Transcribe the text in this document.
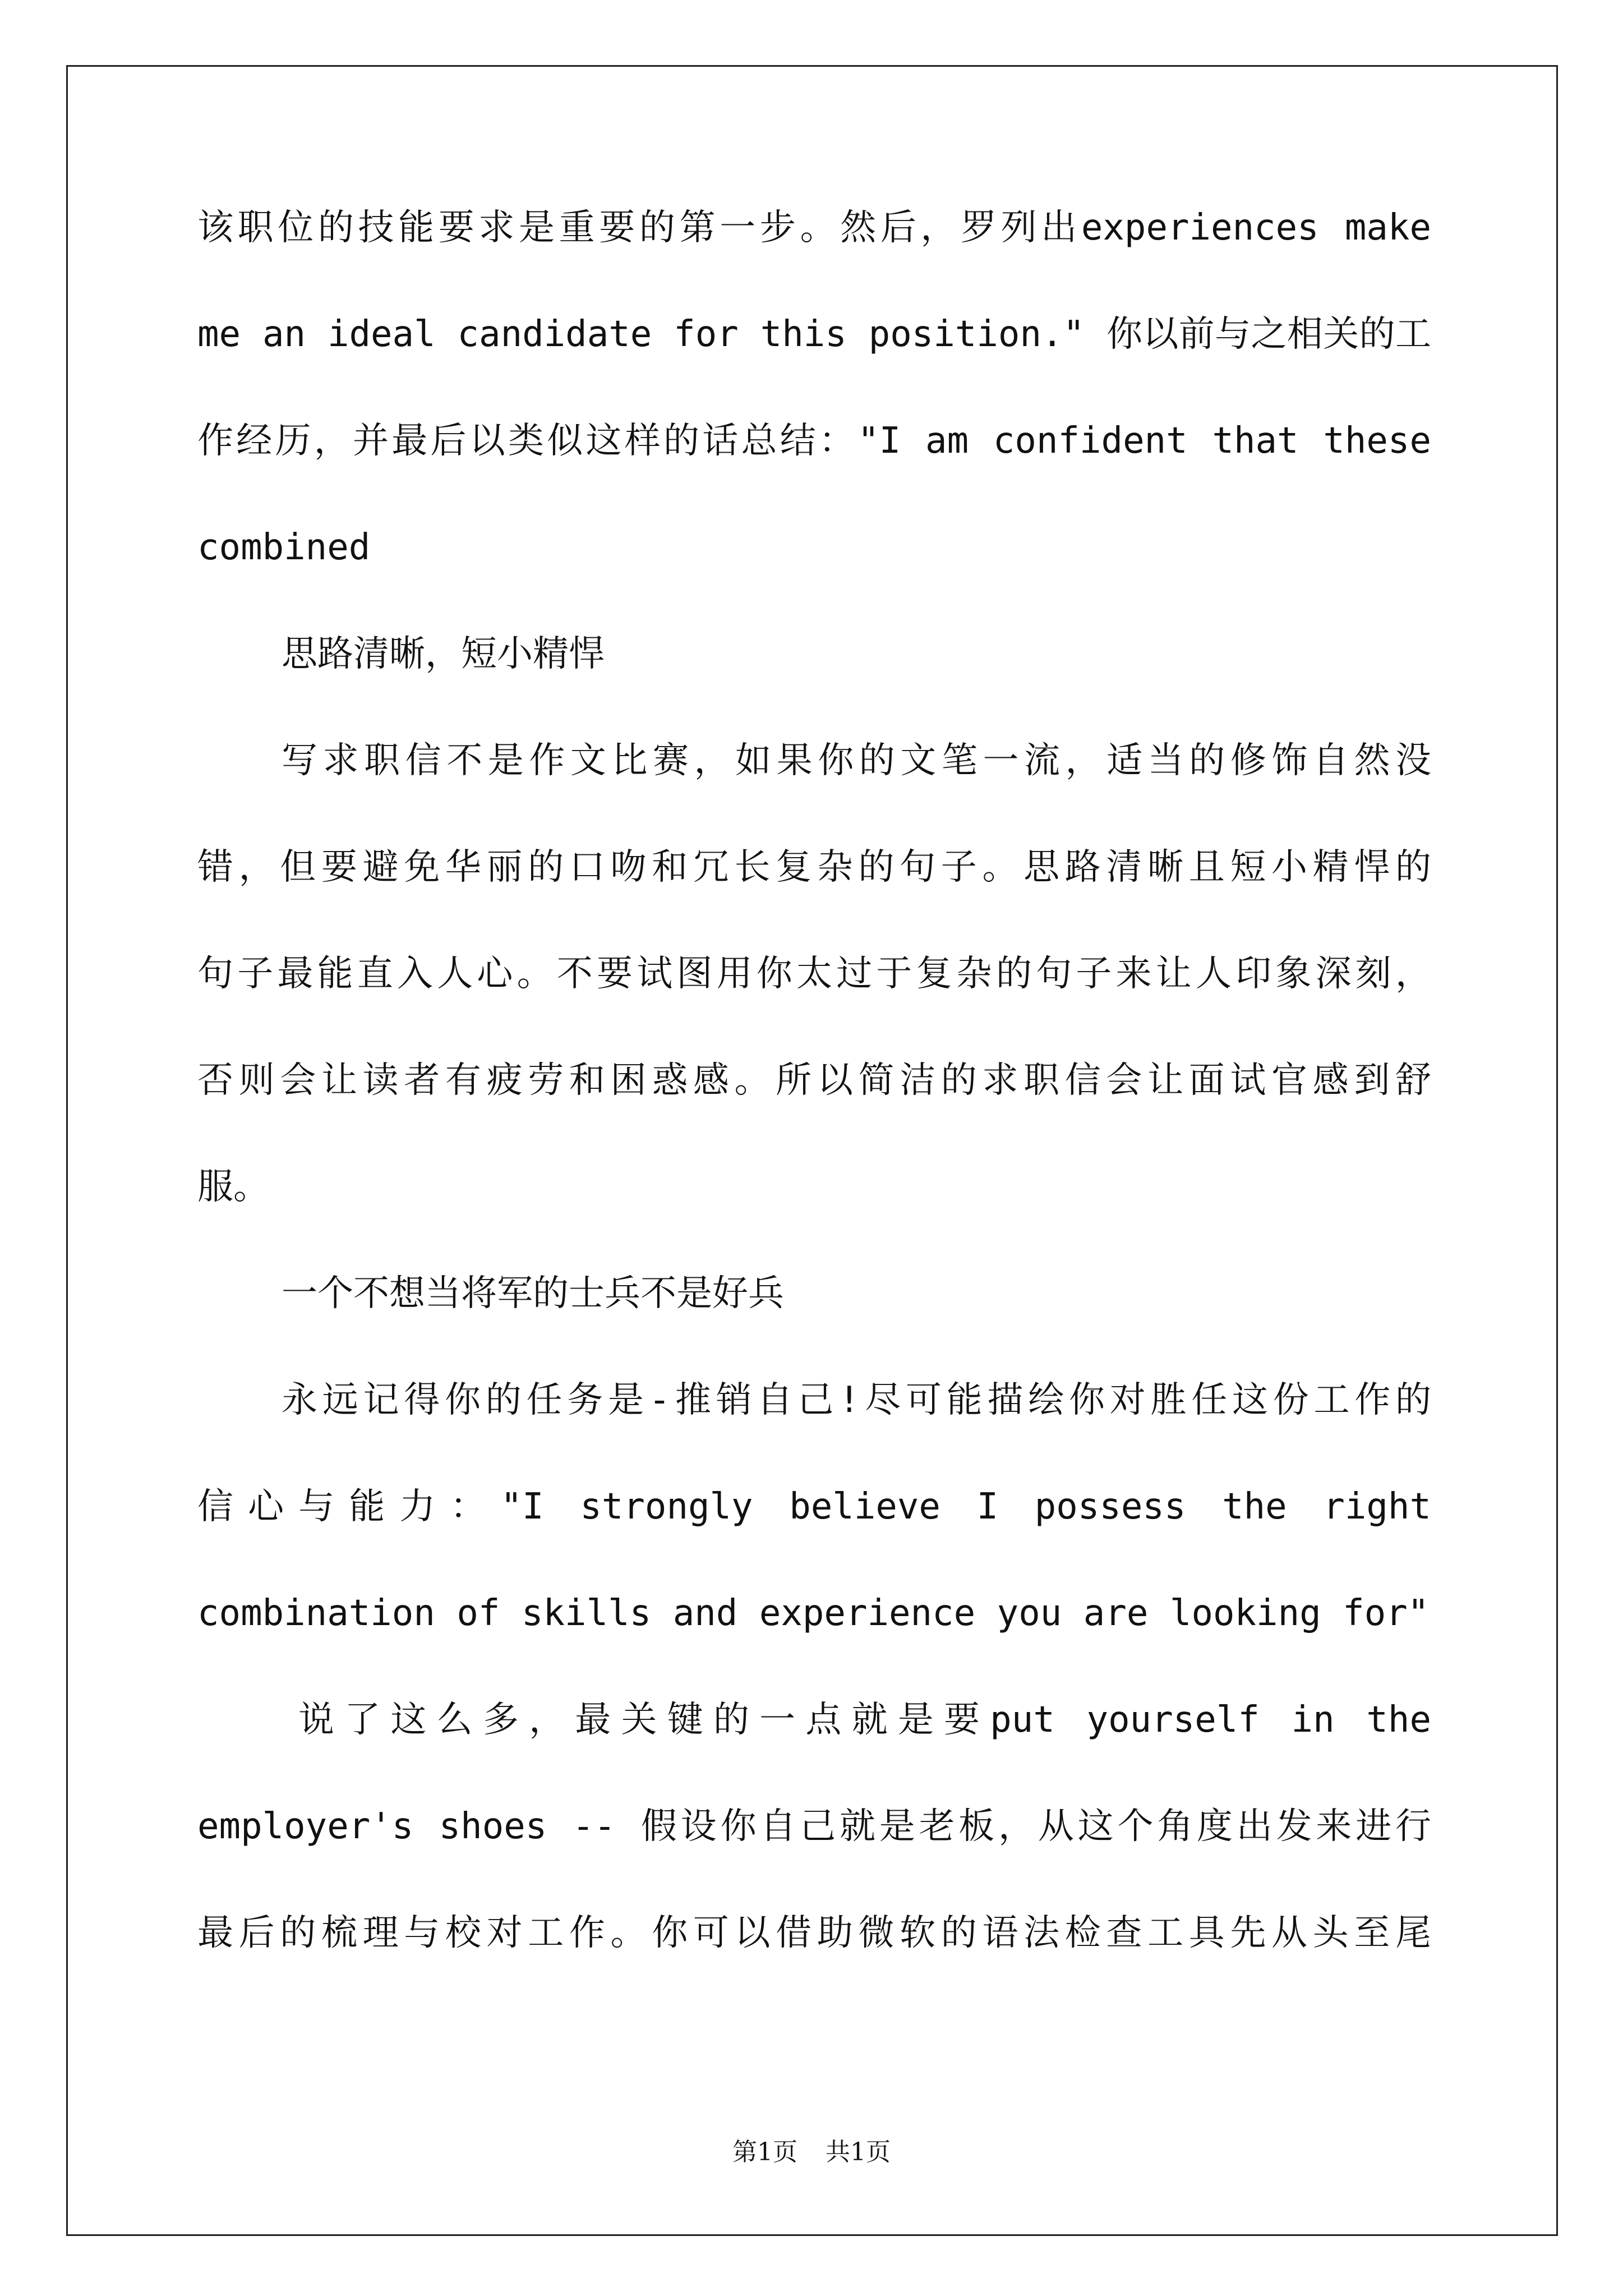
该职位的技能要求是重要的第一步。然后，罗列出experiences make
me an ideal candidate for this position." 你以前与之相关的工
作经历，并最后以类似这样的话总结："I am confident that these
combined
思路清晰，短小精悍
写求职信不是作文比赛，如果你的文笔一流，适当的修饰自然没
错，但要避免华丽的口吻和冗长复杂的句子。思路清晰且短小精悍的
句子最能直入人心。不要试图用你太过于复杂的句子来让人印象深刻，
否则会让读者有疲劳和困惑感。所以简洁的求职信会让面试官感到舒
服。
一个不想当将军的士兵不是好兵
永远记得你的任务是-推销自己!尽可能描绘你对胜任这份工作的
信心与能力："I strongly believe I possess the right
combination of skills and experience you are looking for"
说了这么多，最关键的一点就是要put yourself in the
employer's shoes -- 假设你自己就是老板，从这个角度出发来进行
最后的梳理与校对工作。你可以借助微软的语法检查工具先从头至尾
第1页 共1页
